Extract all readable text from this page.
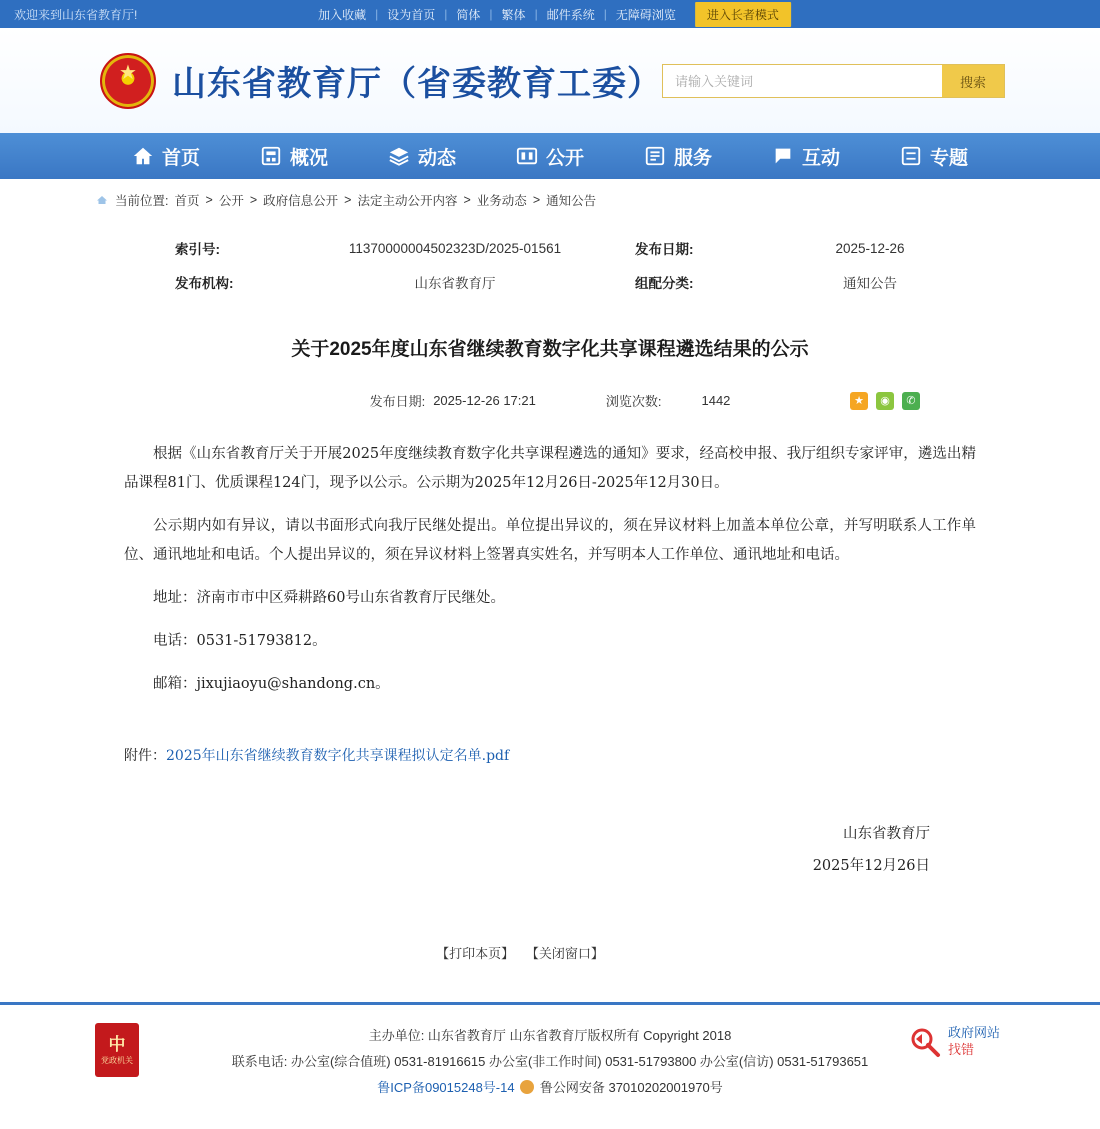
欢迎来到山东省教育厅!	加入收藏 | 设为首页 | 简体 | 繁体 | 邮件系统 | 无障碍浏览	进入长者模式
★
山东省教育厅（省委教育工委）
请输入关键词	搜索
首页	概况	动态	公开	服务	互动	专题
当前位置: 首页 > 公开 > 政府信息公开 > 法定主动公开内容 > 业务动态 > 通知公告
索引号:	11370000004502323D/2025-01561	发布日期:	2025-12-26
发布机构:	山东省教育厅	组配分类:	通知公告
关于2025年度山东省继续教育数字化共享课程遴选结果的公示
发布日期: 2025-12-26 17:21	浏览次数:	1442	★	◉	✆

根据《山东省教育厅关于开展2025年度继续教育数字化共享课程遴选的通知》要求，经高校申报、我厅组织专家评审，遴选出精品课程81门、优质课程124门，现予以公示。公示期为2025年12月26日-2025年12月30日。

公示期内如有异议，请以书面形式向我厅民继处提出。单位提出异议的，须在异议材料上加盖本单位公章，并写明联系人工作单位、通讯地址和电话。个人提出异议的，须在异议材料上签署真实姓名，并写明本人工作单位、通讯地址和电话。

地址：济南市市中区舜耕路60号山东省教育厅民继处。

电话：0531-51793812。

邮箱：jixujiaoyu@shandong.cn。

附件：2025年山东省继续教育数字化共享课程拟认定名单.pdf
山东省教育厅
2025年12月26日
【打印本页】 【关闭窗口】
中
党政机关
主办单位: 山东省教育厅 山东省教育厅版权所有 Copyright 2018
联系电话: 办公室(综合值班) 0531-81916615 办公室(非工作时间) 0531-51793800 办公室(信访) 0531-51793651
鲁ICP备09015248号-14 鲁公网安备 37010202001970号
政府网站
找错
